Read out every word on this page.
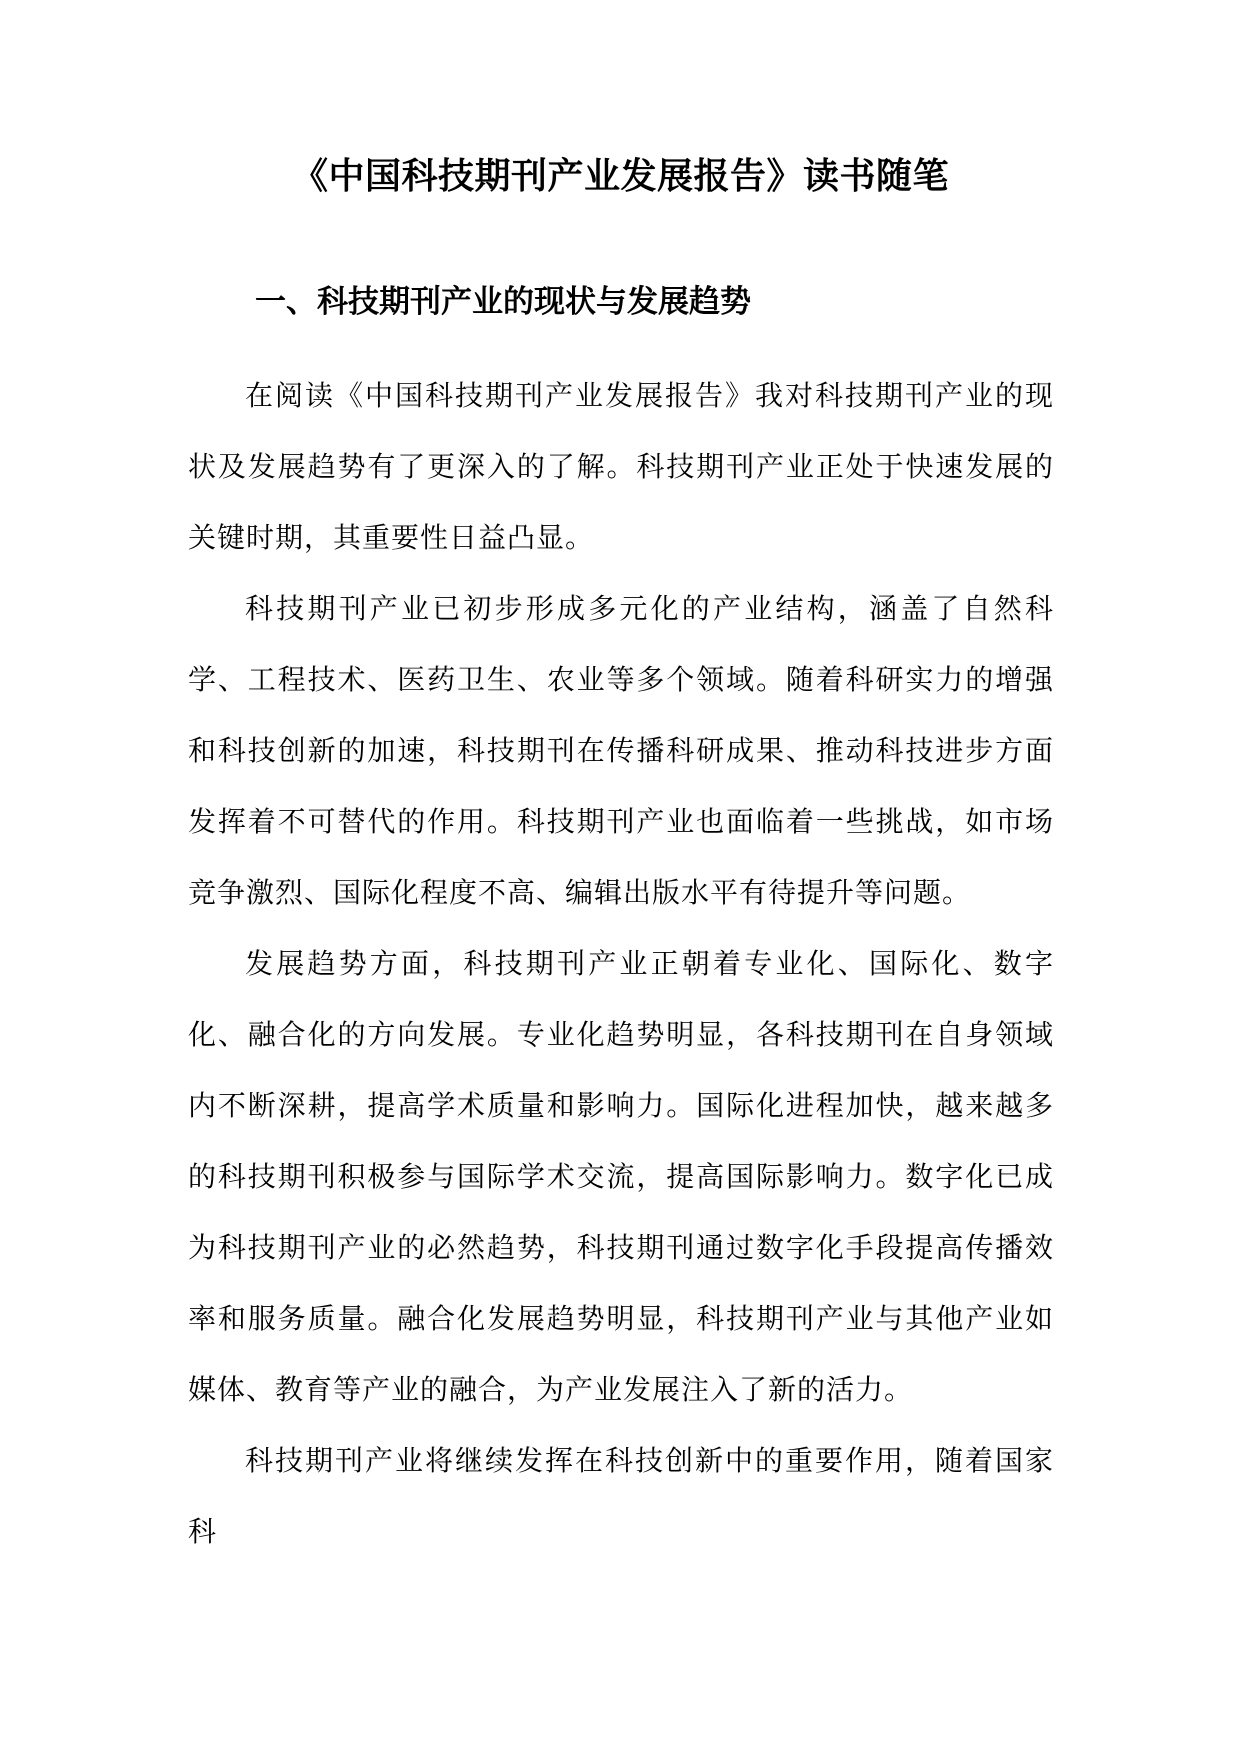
《中国科技期刊产业发展报告》读书随笔
一、科技期刊产业的现状与发展趋势

在阅读《中国科技期刊产业发展报告》我对科技期刊产业的现状及发展趋势有了更深入的了解。科技期刊产业正处于快速发展的关键时期，其重要性日益凸显。

科技期刊产业已初步形成多元化的产业结构，涵盖了自然科学、工程技术、医药卫生、农业等多个领域。随着科研实力的增强和科技创新的加速，科技期刊在传播科研成果、推动科技进步方面发挥着不可替代的作用。科技期刊产业也面临着一些挑战，如市场竞争激烈、国际化程度不高、编辑出版水平有待提升等问题。

发展趋势方面，科技期刊产业正朝着专业化、国际化、数字化、融合化的方向发展。专业化趋势明显，各科技期刊在自身领域内不断深耕，提高学术质量和影响力。国际化进程加快，越来越多的科技期刊积极参与国际学术交流，提高国际影响力。数字化已成为科技期刊产业的必然趋势，科技期刊通过数字化手段提高传播效率和服务质量。融合化发展趋势明显，科技期刊产业与其他产业如媒体、教育等产业的融合，为产业发展注入了新的活力。

科技期刊产业将继续发挥在科技创新中的重要作用，随着国家科
